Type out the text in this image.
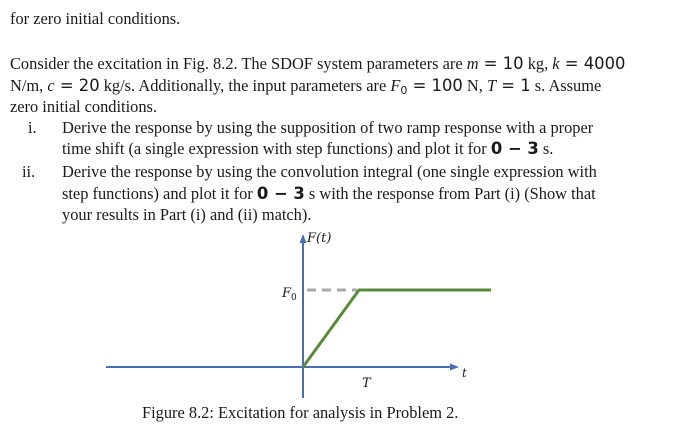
for zero initial conditions.
Consider the excitation in Fig. 8.2. The SDOF system parameters are m = 10 kg, k = 4000
N/m, c = 20 kg/s. Additionally, the input parameters are $F_0 = 100$ N, T = 1 s. Assume
zero initial conditions.
i. Derive the response by using the supposition of two ramp response with a proper
time shift (a single expression with step functions) and plot it for 0 − 3 s.
ii. Derive the response by using the convolution integral (one single expression with
step functions) and plot it for 0 − 3 s with the response from Part (i) (Show that
your results in Part (i) and (ii) match).
F(t)
t
$F_0$
T
Figure 8.2: Excitation for analysis in Problem 2.
